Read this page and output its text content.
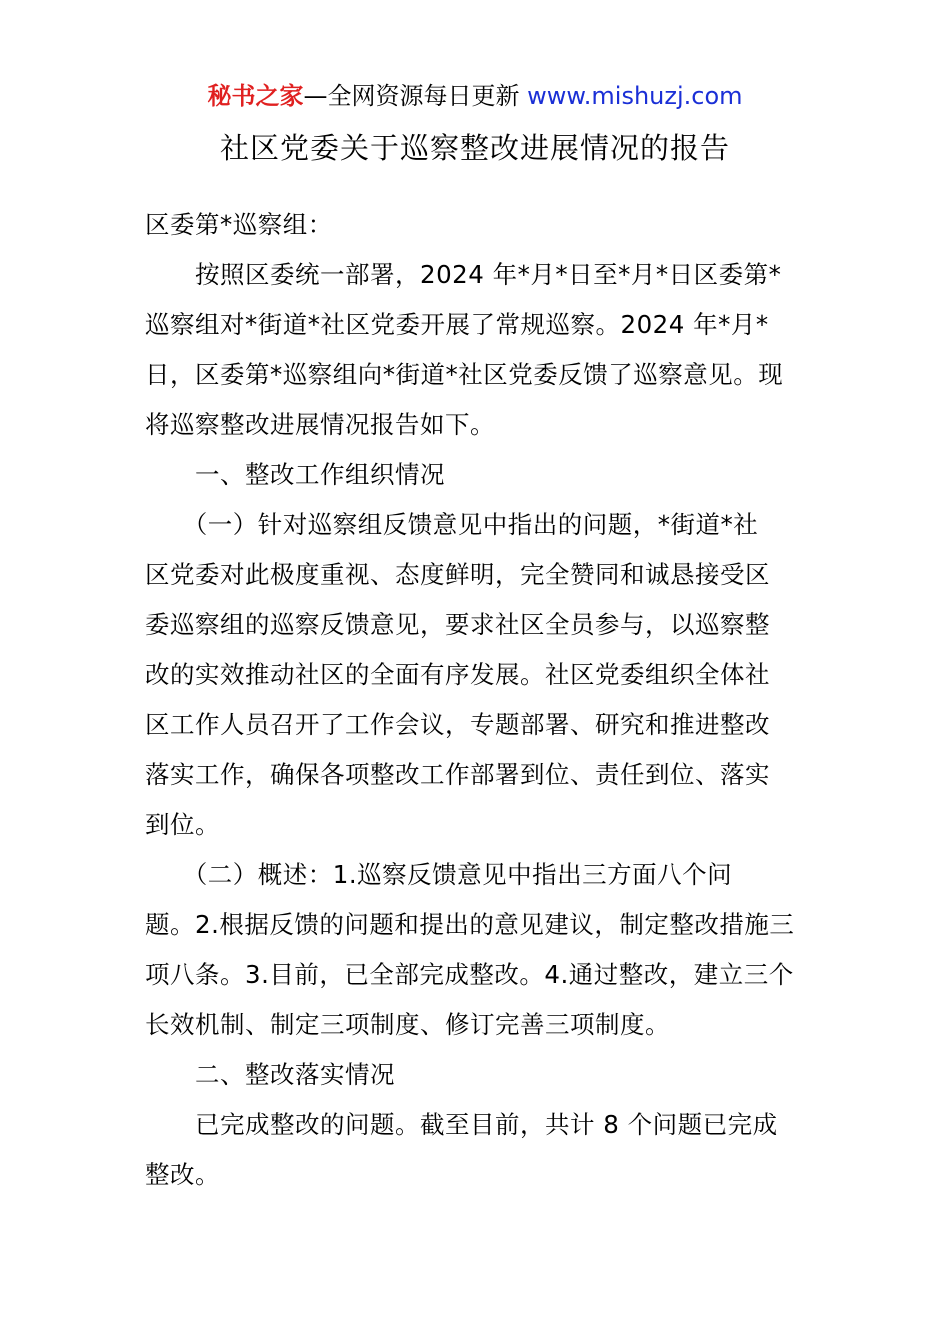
秘书之家—全网资源每日更新 www.mishuzj.com
社区党委关于巡察整改进展情况的报告

区委第*巡察组：

　　按照区委统一部署，2024 年*月*日至*月*日区委第*
巡察组对*街道*社区党委开展了常规巡察。2024 年*月*
日，区委第*巡察组向*街道*社区党委反馈了巡察意见。现
将巡察整改进展情况报告如下。

　　一、整改工作组织情况

　　（一）针对巡察组反馈意见中指出的问题，*街道*社
区党委对此极度重视、态度鲜明，完全赞同和诚恳接受区
委巡察组的巡察反馈意见，要求社区全员参与，以巡察整
改的实效推动社区的全面有序发展。社区党委组织全体社
区工作人员召开了工作会议，专题部署、研究和推进整改
落实工作，确保各项整改工作部署到位、责任到位、落实
到位。

　　（二）概述：1.巡察反馈意见中指出三方面八个问
题。2.根据反馈的问题和提出的意见建议，制定整改措施三
项八条。3.目前，已全部完成整改。4.通过整改，建立三个
长效机制、制定三项制度、修订完善三项制度。

　　二、整改落实情况

　　已完成整改的问题。截至目前，共计 8 个问题已完成
整改。
